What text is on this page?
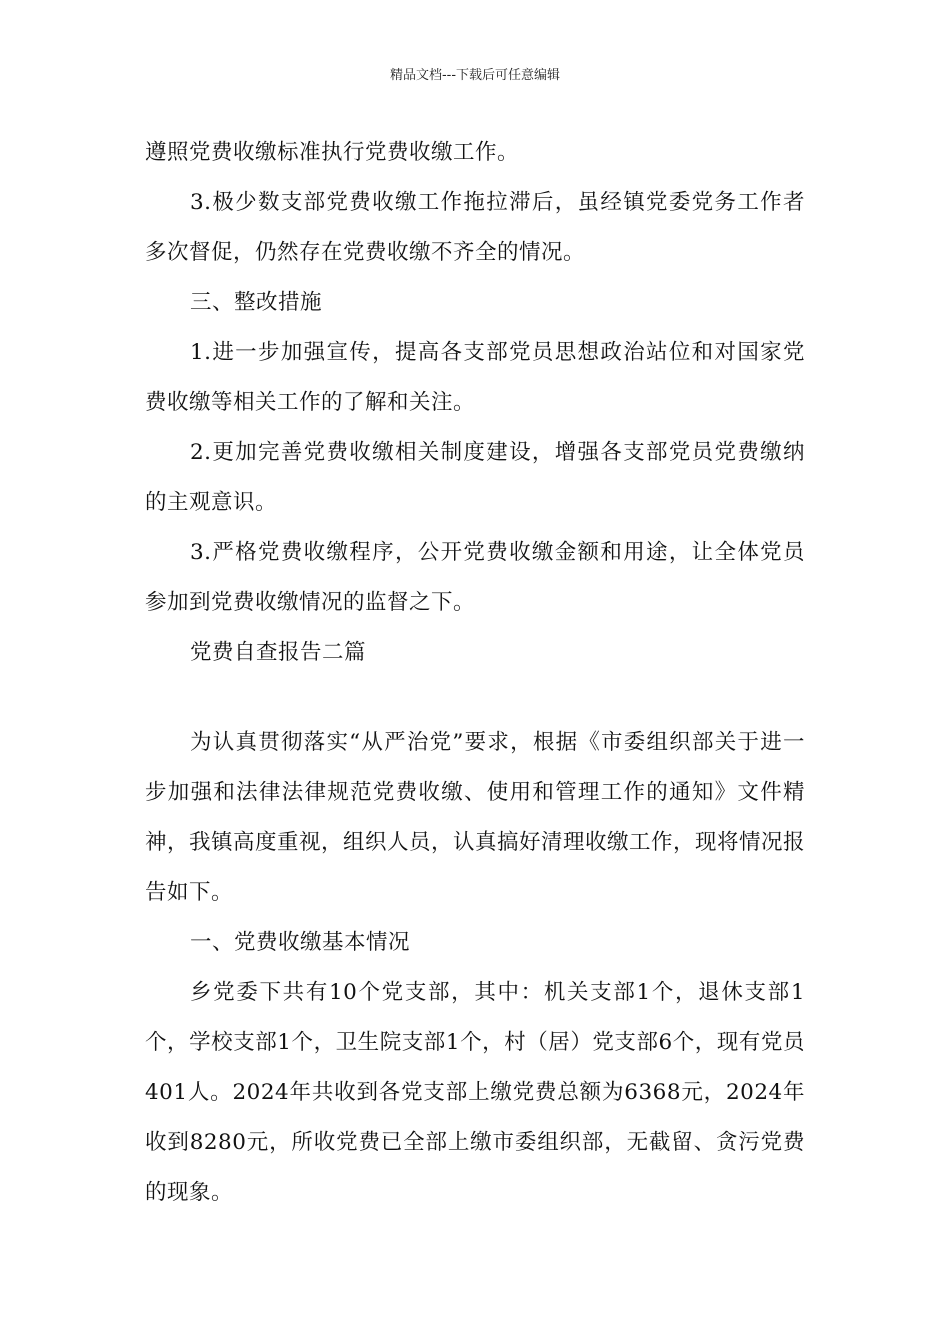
精品文档---下载后可任意编辑

遵照党费收缴标准执行党费收缴工作。

3.极少数支部党费收缴工作拖拉滞后，虽经镇党委党务工作者多次督促，仍然存在党费收缴不齐全的情况。

三、整改措施

1.进一步加强宣传，提高各支部党员思想政治站位和对国家党费收缴等相关工作的了解和关注。

2.更加完善党费收缴相关制度建设，增强各支部党员党费缴纳的主观意识。

3.严格党费收缴程序，公开党费收缴金额和用途，让全体党员参加到党费收缴情况的监督之下。

党费自查报告二篇

为认真贯彻落实“从严治党”要求，根据《市委组织部关于进一步加强和法律法律规范党费收缴、使用和管理工作的通知》文件精神，我镇高度重视，组织人员，认真搞好清理收缴工作，现将情况报告如下。

一、党费收缴基本情况

乡党委下共有10个党支部，其中：机关支部1个，退休支部1个，学校支部1个，卫生院支部1个，村（居）党支部6个，现有党员401人。2024年共收到各党支部上缴党费总额为6368元，2024年收到8280元，所收党费已全部上缴市委组织部，无截留、贪污党费的现象。
